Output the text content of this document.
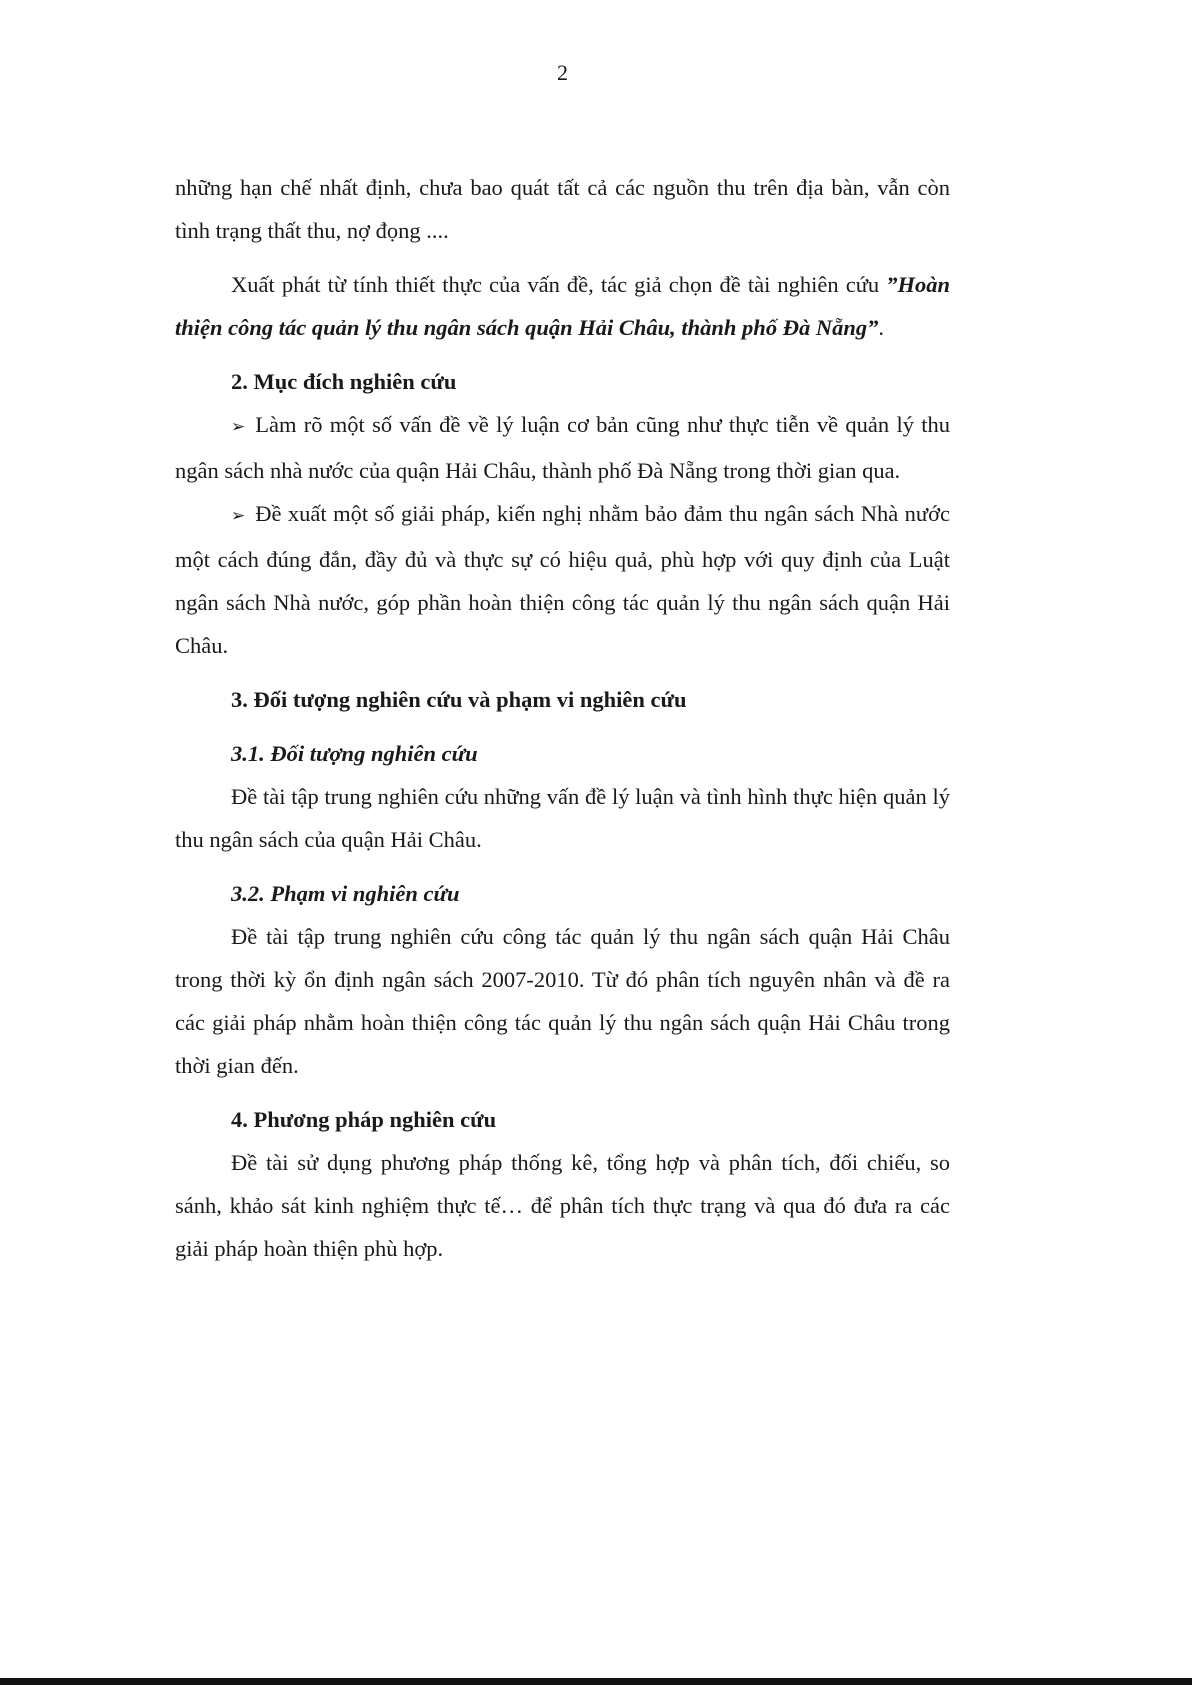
2

những hạn chế nhất định, chưa bao quát tất cả các nguồn thu trên địa bàn, vẫn còn tình trạng thất thu, nợ đọng ....

Xuất phát từ tính thiết thực của vấn đề, tác giả chọn đề tài nghiên cứu ”Hoàn thiện công tác quản lý thu ngân sách quận Hải Châu, thành phố Đà Nẵng”.

2. Mục đích nghiên cứu

➢ Làm rõ một số vấn đề về lý luận cơ bản cũng như thực tiễn về quản lý thu ngân sách nhà nước của quận Hải Châu, thành phố Đà Nẵng trong thời gian qua.

➢ Đề xuất một số giải pháp, kiến nghị nhằm bảo đảm thu ngân sách Nhà nước một cách đúng đắn, đầy đủ và thực sự có hiệu quả, phù hợp với quy định của Luật ngân sách Nhà nước, góp phần hoàn thiện công tác quản lý thu ngân sách quận Hải Châu.

3. Đối tượng nghiên cứu và phạm vi nghiên cứu

3.1. Đối tượng nghiên cứu

Đề tài tập trung nghiên cứu những vấn đề lý luận và tình hình thực hiện quản lý thu ngân sách của quận Hải Châu.

3.2. Phạm vi nghiên cứu

Đề tài tập trung nghiên cứu công tác quản lý thu ngân sách quận Hải Châu trong thời kỳ ổn định ngân sách 2007-2010. Từ đó phân tích nguyên nhân và đề ra các giải pháp nhằm hoàn thiện công tác quản lý thu ngân sách quận Hải Châu trong thời gian đến.

4. Phương pháp nghiên cứu

Đề tài sử dụng phương pháp thống kê, tổng hợp và phân tích, đối chiếu, so sánh, khảo sát kinh nghiệm thực tế… để phân tích thực trạng và qua đó đưa ra các giải pháp hoàn thiện phù hợp.
